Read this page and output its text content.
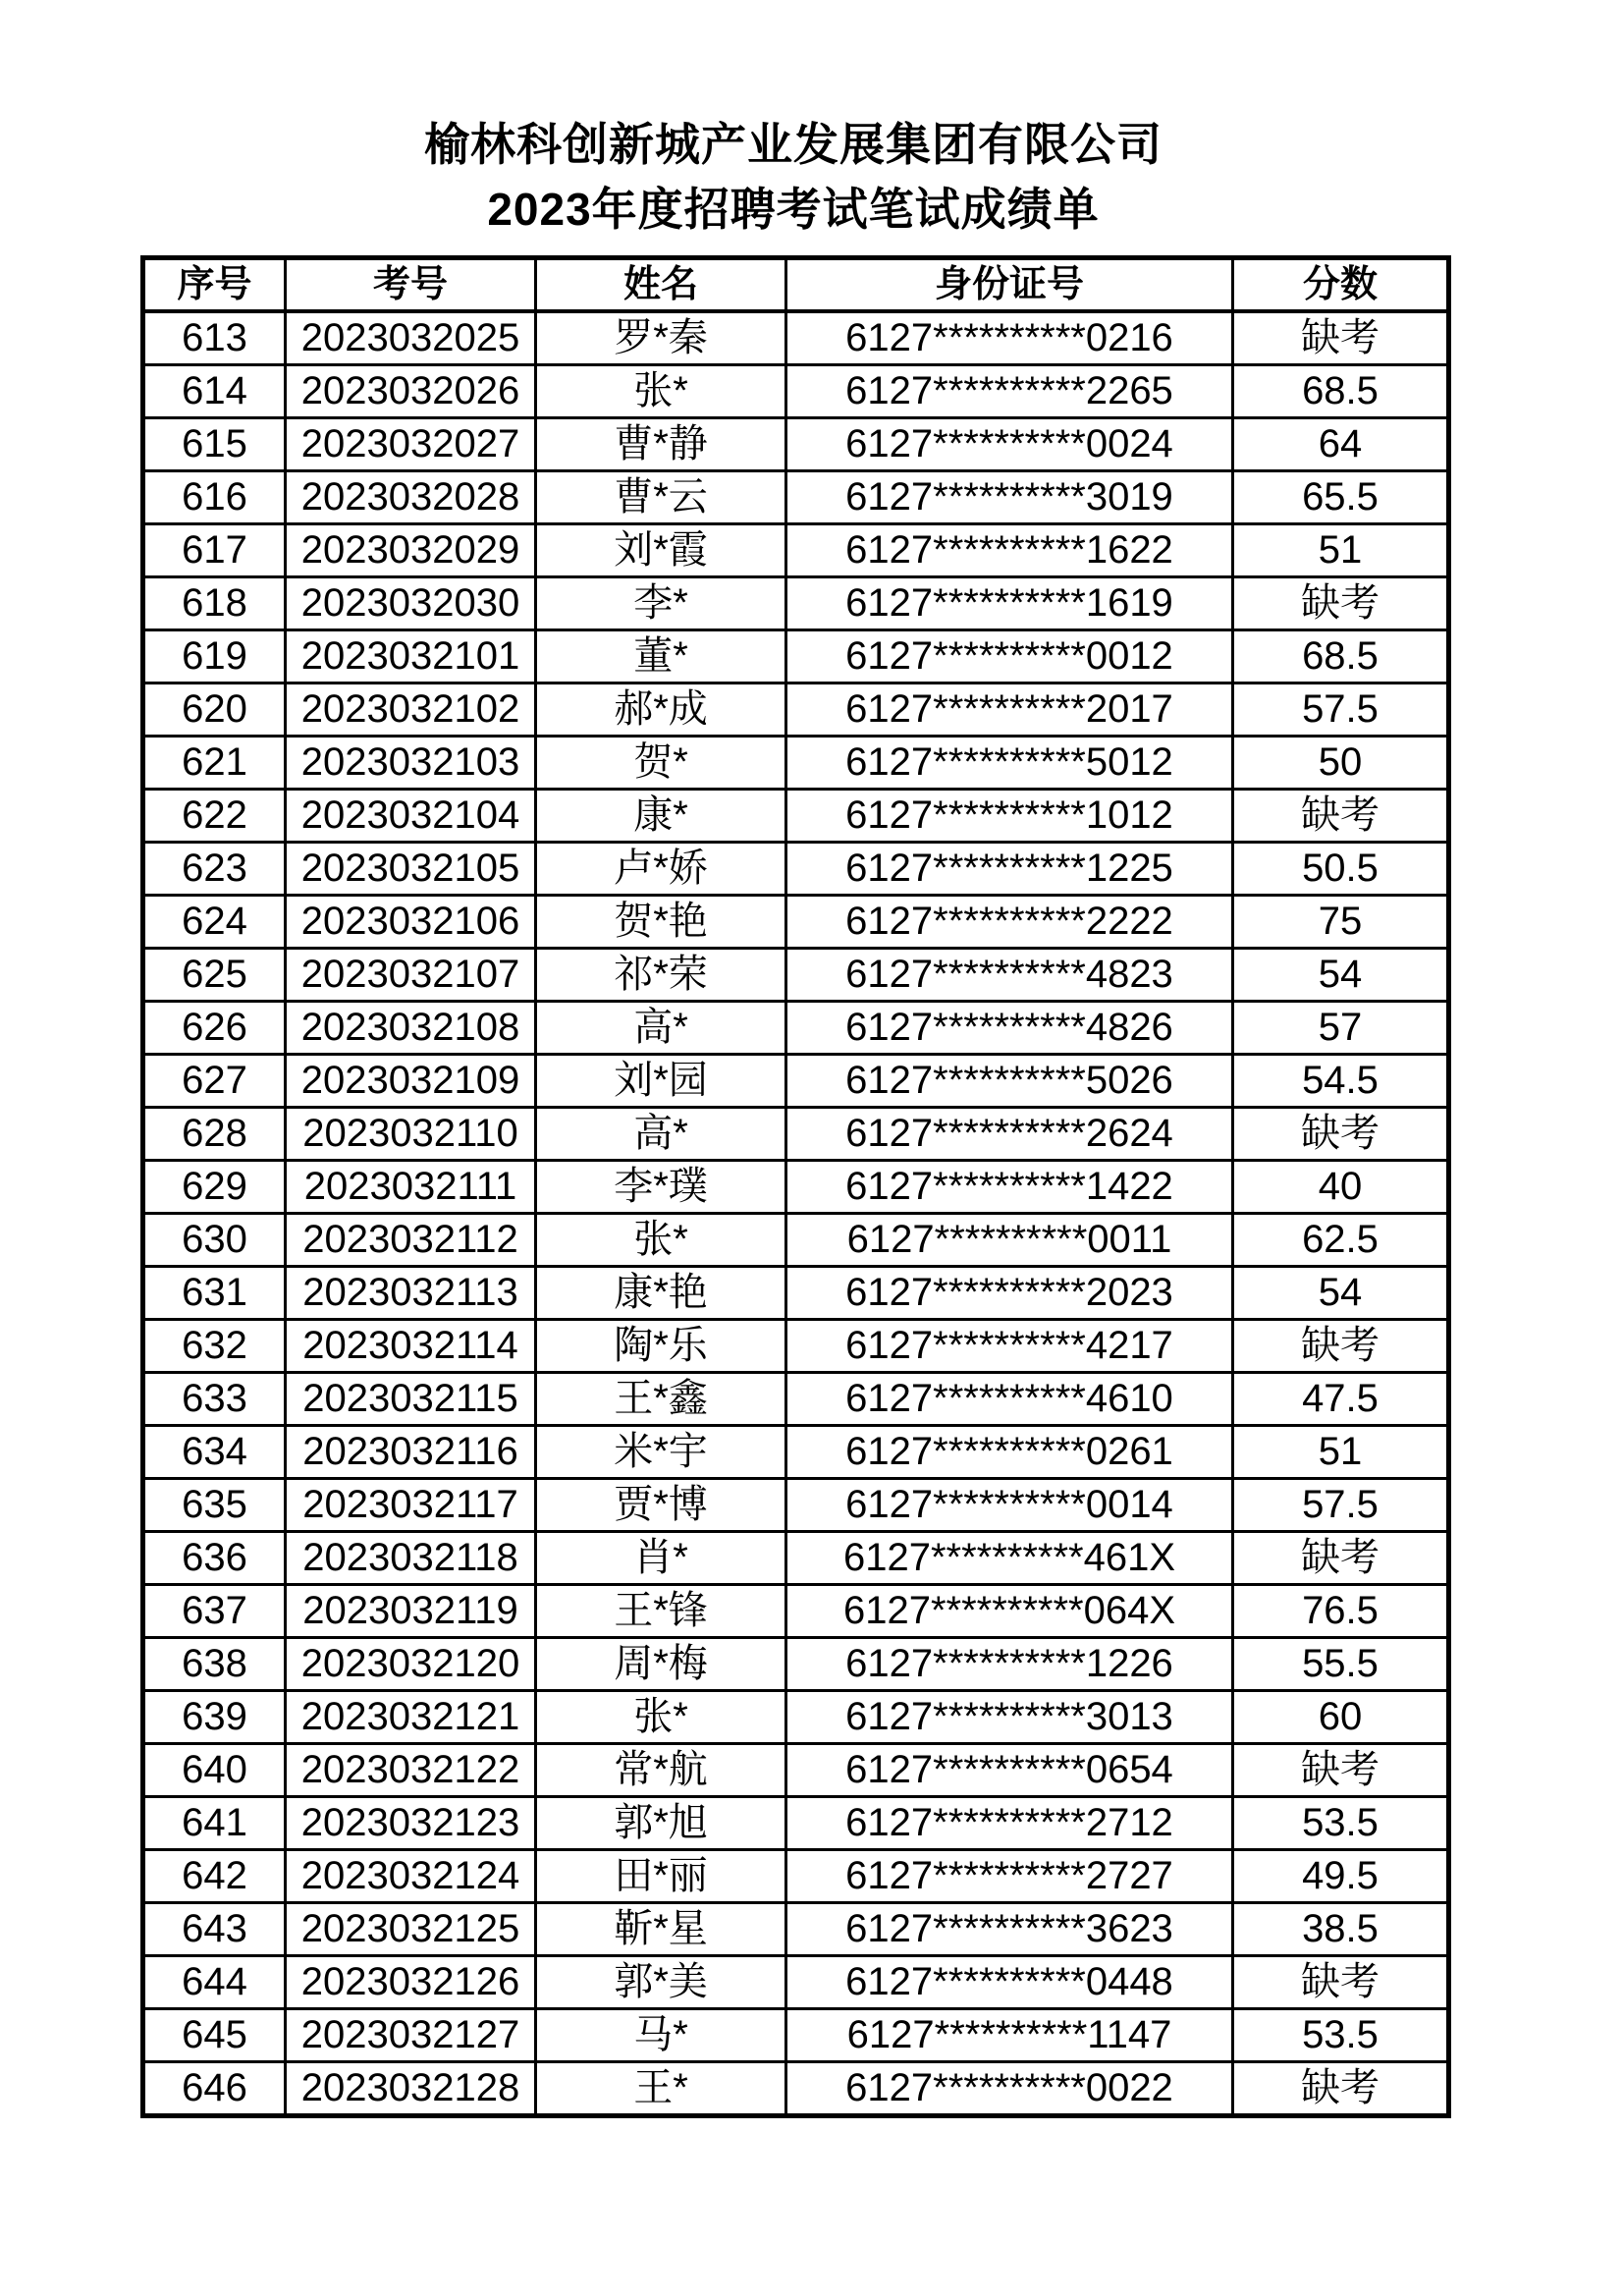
榆林科创新城产业发展集团有限公司
2023年度招聘考试笔试成绩单
序号	考号	姓名	身份证号	分数
613	2023032025	罗*秦	6127**********0216	缺考
614	2023032026	张*	6127**********2265	68.5
615	2023032027	曹*静	6127**********0024	64
616	2023032028	曹*云	6127**********3019	65.5
617	2023032029	刘*霞	6127**********1622	51
618	2023032030	李*	6127**********1619	缺考
619	2023032101	董*	6127**********0012	68.5
620	2023032102	郝*成	6127**********2017	57.5
621	2023032103	贺*	6127**********5012	50
622	2023032104	康*	6127**********1012	缺考
623	2023032105	卢*娇	6127**********1225	50.5
624	2023032106	贺*艳	6127**********2222	75
625	2023032107	祁*荣	6127**********4823	54
626	2023032108	高*	6127**********4826	57
627	2023032109	刘*园	6127**********5026	54.5
628	2023032110	高*	6127**********2624	缺考
629	2023032111	李*璞	6127**********1422	40
630	2023032112	张*	6127**********0011	62.5
631	2023032113	康*艳	6127**********2023	54
632	2023032114	陶*乐	6127**********4217	缺考
633	2023032115	王*鑫	6127**********4610	47.5
634	2023032116	米*宇	6127**********0261	51
635	2023032117	贾*博	6127**********0014	57.5
636	2023032118	肖*	6127**********461X	缺考
637	2023032119	王*锋	6127**********064X	76.5
638	2023032120	周*梅	6127**********1226	55.5
639	2023032121	张*	6127**********3013	60
640	2023032122	常*航	6127**********0654	缺考
641	2023032123	郭*旭	6127**********2712	53.5
642	2023032124	田*丽	6127**********2727	49.5
643	2023032125	靳*星	6127**********3623	38.5
644	2023032126	郭*美	6127**********0448	缺考
645	2023032127	马*	6127**********1147	53.5
646	2023032128	王*	6127**********0022	缺考
